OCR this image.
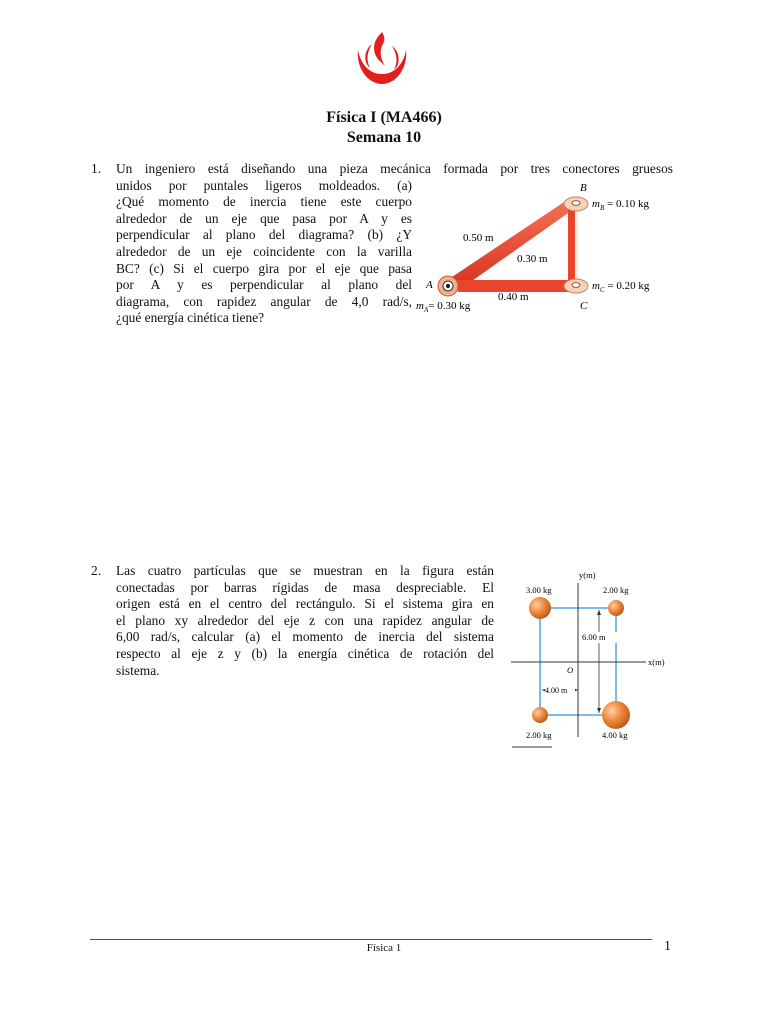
Física I (MA466)
Semana 10
1. Un ingeniero está diseñando una pieza mecánica formada por tres conectores gruesos
unidos por puntales ligeros moldeados. (a)
¿Qué momento de inercia tiene este cuerpo
alrededor de un eje que pasa por A y es
perpendicular al plano del diagrama? (b) ¿Y
alrededor de un eje coincidente con la varilla
BC? (c) Si el cuerpo gira por el eje que pasa
por A y es perpendicular al plano del
diagrama, con rapidez angular de 4,0 rad/s,
¿qué energía cinética tiene?
B
A
C
0.50 m
0.30 m
0.40 m
$m_B = 0.10$ kg
$m_C = 0.20$ kg
$m_A= 0.30$ kg
2. Las cuatro partículas que se muestran en la figura están
conectadas por barras rígidas de masa despreciable. El
origen está en el centro del rectángulo. Si el sistema gira en
el plano xy alrededor del eje z con una rapidez angular de
6,00 rad/s, calcular (a) el momento de inercia del sistema
respecto al eje z y (b) la energía cinética de rotación del
sistema.
y(m)
x(m)
O
6.00 m
4.00 m
3.00 kg	2.00 kg
2.00 kg	4.00 kg
Física 1	1
